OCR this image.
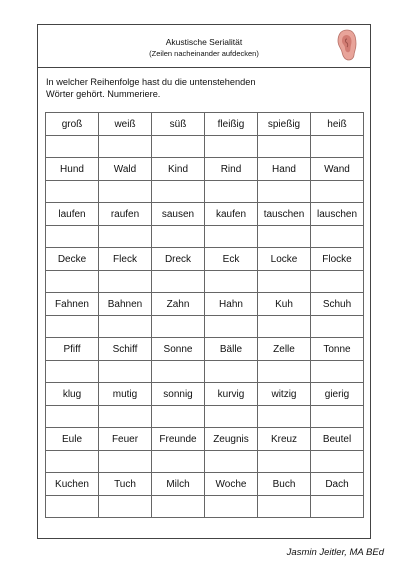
Akustische Serialität
(Zeilen nacheinander aufdecken)
In welcher Reihenfolge hast du die untenstehenden
Wörter gehört. Nummeriere.
groß	weiß	süß	fleißig	spießig	heiß

Hund	Wald	Kind	Rind	Hand	Wand

laufen	raufen	sausen	kaufen	tauschen	lauschen

Decke	Fleck	Dreck	Eck	Locke	Flocke

Fahnen	Bahnen	Zahn	Hahn	Kuh	Schuh

Pfiff	Schiff	Sonne	Bälle	Zelle	Tonne

klug	mutig	sonnig	kurvig	witzig	gierig

Eule	Feuer	Freunde	Zeugnis	Kreuz	Beutel

Kuchen	Tuch	Milch	Woche	Buch	Dach

Jasmin Jeitler, MA BEd
